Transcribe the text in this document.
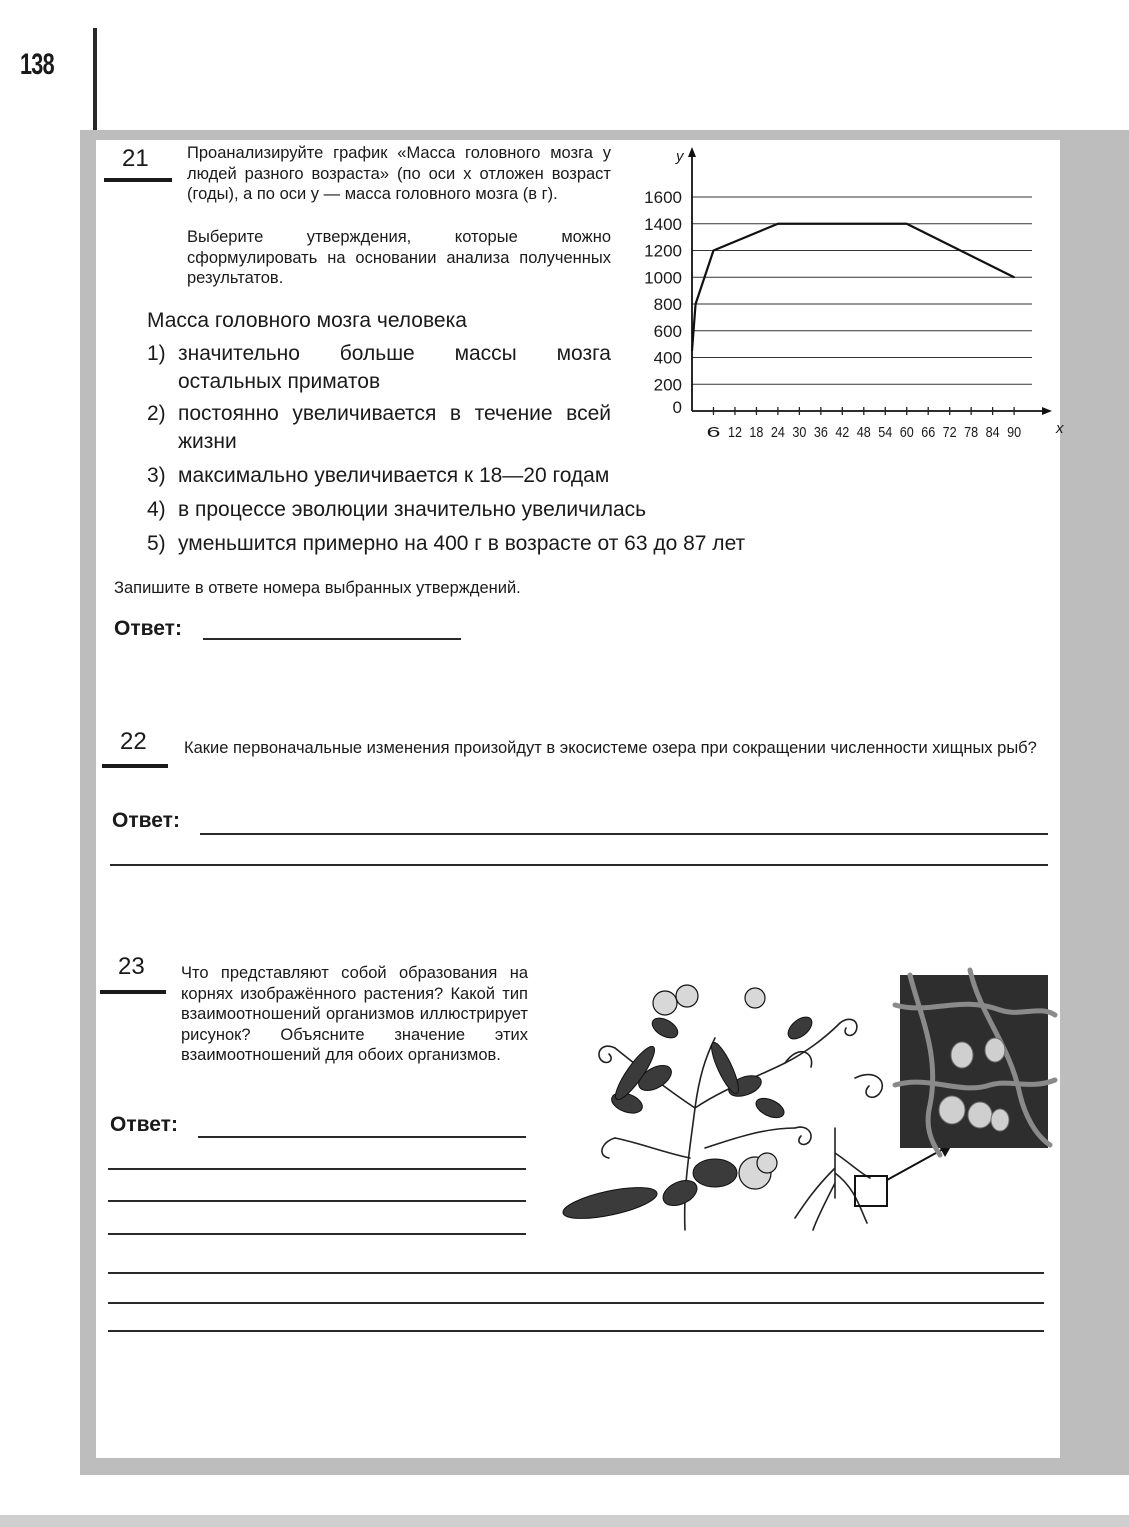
138
21 Проанализируйте график «Масса головного мозга у людей разного возраста» (по оси x отложен возраст (годы), а по оси y — масса головного мозга (в г).
Выберите утверждения, которые можно сформулировать на основании анализа полученных результатов.
Масса головного мозга человека
1) значительно больше массы мозга остальных приматов
2) постоянно увеличивается в течение всей жизни
3) максимально увеличивается к 18—20 годам
4) в процессе эволюции значительно увеличилась
5) уменьшится примерно на 400 г в возрасте от 63 до 87 лет
Запишите в ответе номера выбранных утверждений.
Ответ:
x
y
0
200
400
600
800
1000
1200
1400
1600
6 12 18 24 30 36 42 48 54 60 66 72 78 84 90
22 Какие первоначальные изменения произойдут в экосистеме озера при сокращении численности хищных рыб?
Ответ:
23 Что представляют собой образования на корнях изображённого растения? Какой тип взаимоотношений организмов иллюстрирует рисунок? Объясните значение этих взаимоотношений для обоих организмов.
Ответ:
